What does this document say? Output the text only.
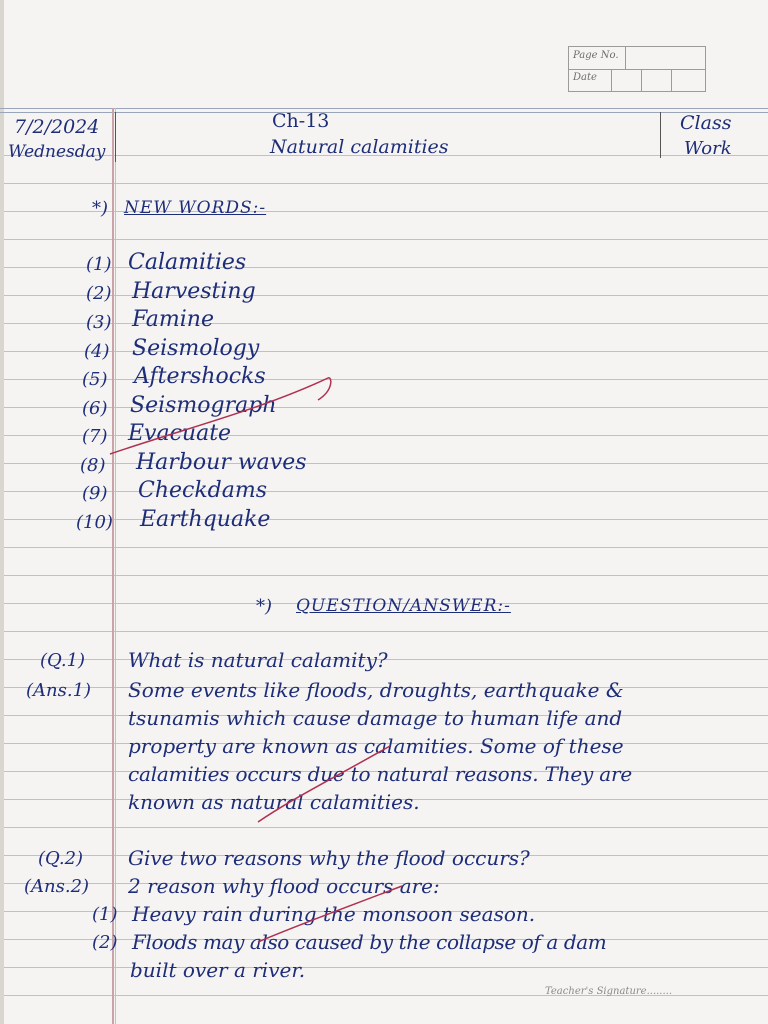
Page No.
Date
7/2/2024
Wednesday
Ch-13
Natural calamities
Class
Work
*) NEW WORDS:-
(1) Calamities
(2) Harvesting
(3) Famine
(4) Seismology
(5) Aftershocks
(6) Seismograph
(7) Evacuate
(8) Harbour waves
(9) Checkdams
(10) Earthquake
*) QUESTION/ANSWER:-
(Q.1) What is natural calamity?
(Ans.1) Some events like floods, droughts, earthquake &
tsunamis which cause damage to human life and
property are known as calamities. Some of these
calamities occurs due to natural reasons. They are
known as natural calamities.
(Q.2) Give two reasons why the flood occurs?
(Ans.2) 2 reason why flood occurs are:
(1) Heavy rain during the monsoon season.
(2) Floods may also caused by the collapse of a dam
built over a river.
Teacher's Signature........
